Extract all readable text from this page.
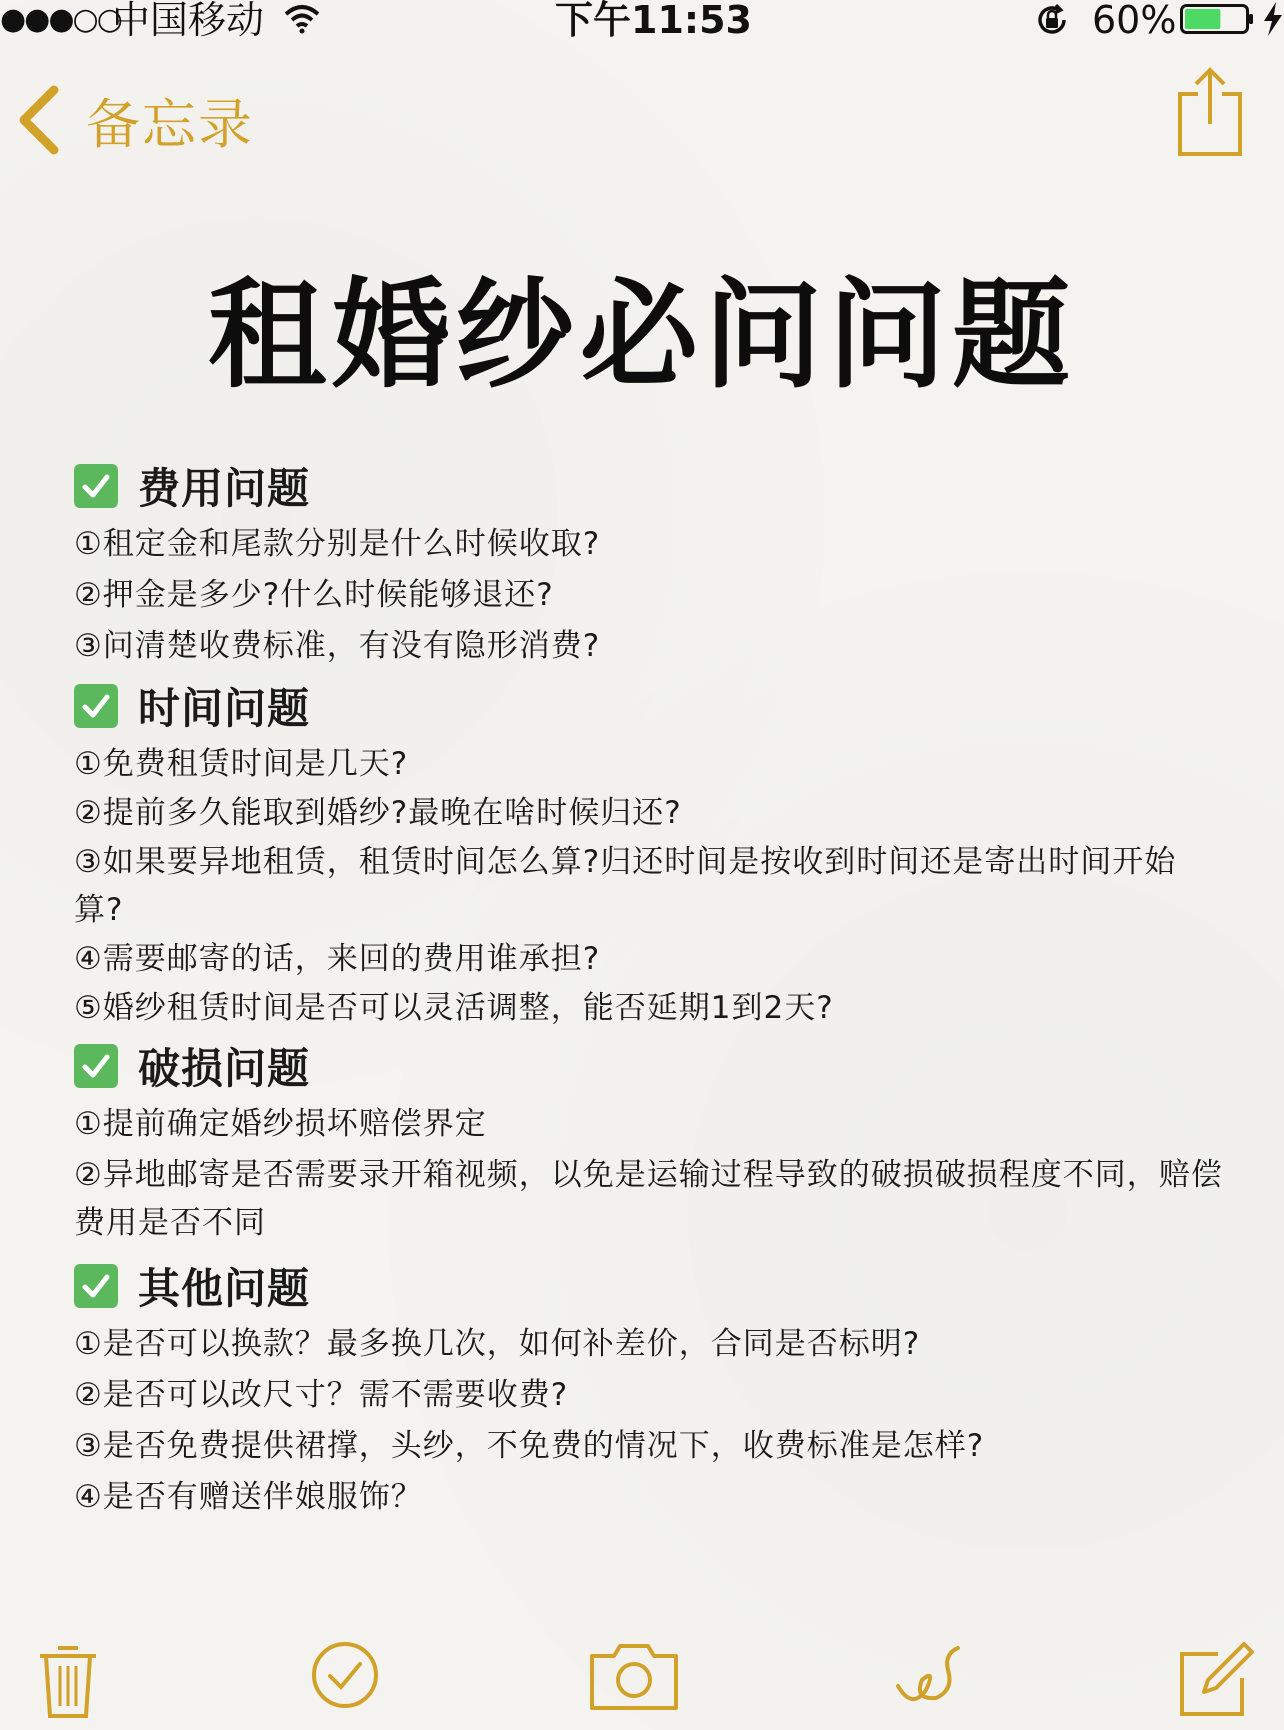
●●●○○
中国移动	下午11:53	60%
备忘录
租婚纱必问问题
费用问题
①租定金和尾款分别是什么时候收取?
②押金是多少?什么时候能够退还?
③问清楚收费标准，有没有隐形消费?
时间问题
①免费租赁时间是几天?
②提前多久能取到婚纱?最晚在啥时候归还?
③如果要异地租赁，租赁时间怎么算?归还时间是按收到时间还是寄出时间开始算?
④需要邮寄的话，来回的费用谁承担?
⑤婚纱租赁时间是否可以灵活调整，能否延期1到2天?
破损问题
①提前确定婚纱损坏赔偿界定
②异地邮寄是否需要录开箱视频，以免是运输过程导致的破损破损程度不同，赔偿费用是否不同
其他问题
①是否可以换款？最多换几次，如何补差价，合同是否标明?
②是否可以改尺寸？需不需要收费?
③是否免费提供裙撑，头纱，不免费的情况下，收费标准是怎样?
④是否有赠送伴娘服饰？
